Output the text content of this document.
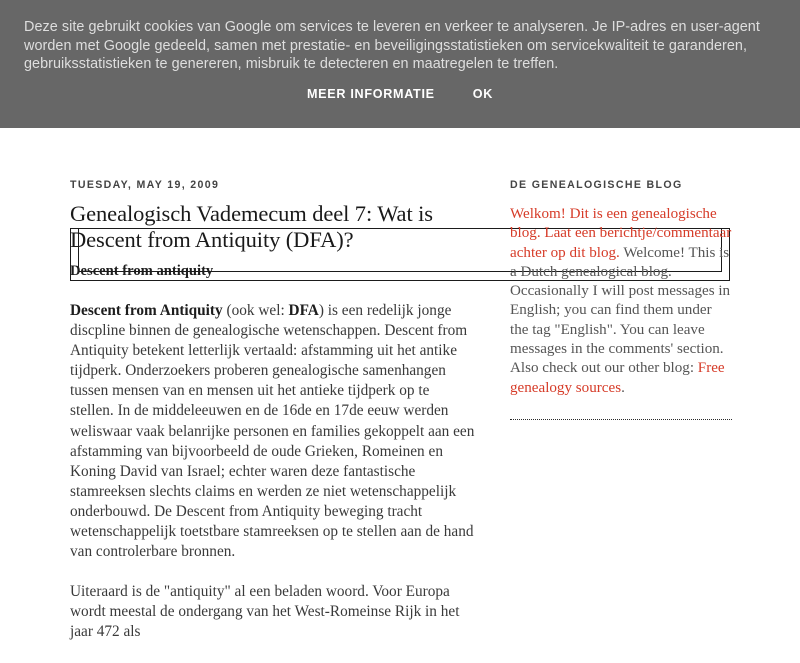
Deze site gebruikt cookies van Google om services te leveren en verkeer te analyseren. Je IP-adres en user-agent worden met Google gedeeld, samen met prestatie- en beveiligingsstatistieken om servicekwaliteit te garanderen, gebruiksstatistieken te genereren, misbruik te detecteren en maatregelen te treffen.

MEER INFORMATIE	OK
TUESDAY, MAY 19, 2009
Genealogisch Vademecum deel 7: Wat is Descent from Antiquity (DFA)?
Descent from antiquity

Descent from Antiquity (ook wel: DFA) is een redelijk jonge discpline binnen de genealogische wetenschappen. Descent from Antiquity betekent letterlijk vertaald: afstamming uit het antike tijdperk. Onderzoekers proberen genealogische samenhangen tussen mensen van en mensen uit het antieke tijdperk op te stellen. In de middeleeuwen en de 16de en 17de eeuw werden weliswaar vaak belanrijke personen en families gekoppelt aan een afstamming van bijvoorbeeld de oude Grieken, Romeinen en Koning David van Israel; echter waren deze fantastische stamreeksen slechts claims en werden ze niet wetenschappelijk onderbouwd. De Descent from Antiquity beweging tracht wetenschappelijk toetstbare stamreeksen op te stellen aan de hand van controlerbare bronnen.

Uiteraard is de "antiquity" al een beladen woord. Voor Europa wordt meestal de ondergang van het West-Romeinse Rijk in het jaar 472 als

DE GENEALOGISCHE BLOG
Welkom! Dit is een genealogische blog. Laat een berichtje/commentaar achter op dit blog. Welcome! This is a Dutch genealogical blog. Occasionally I will post messages in English; you can find them under the tag "English". You can leave messages in the comments' section. Also check out our other blog: Free genealogy sources.
